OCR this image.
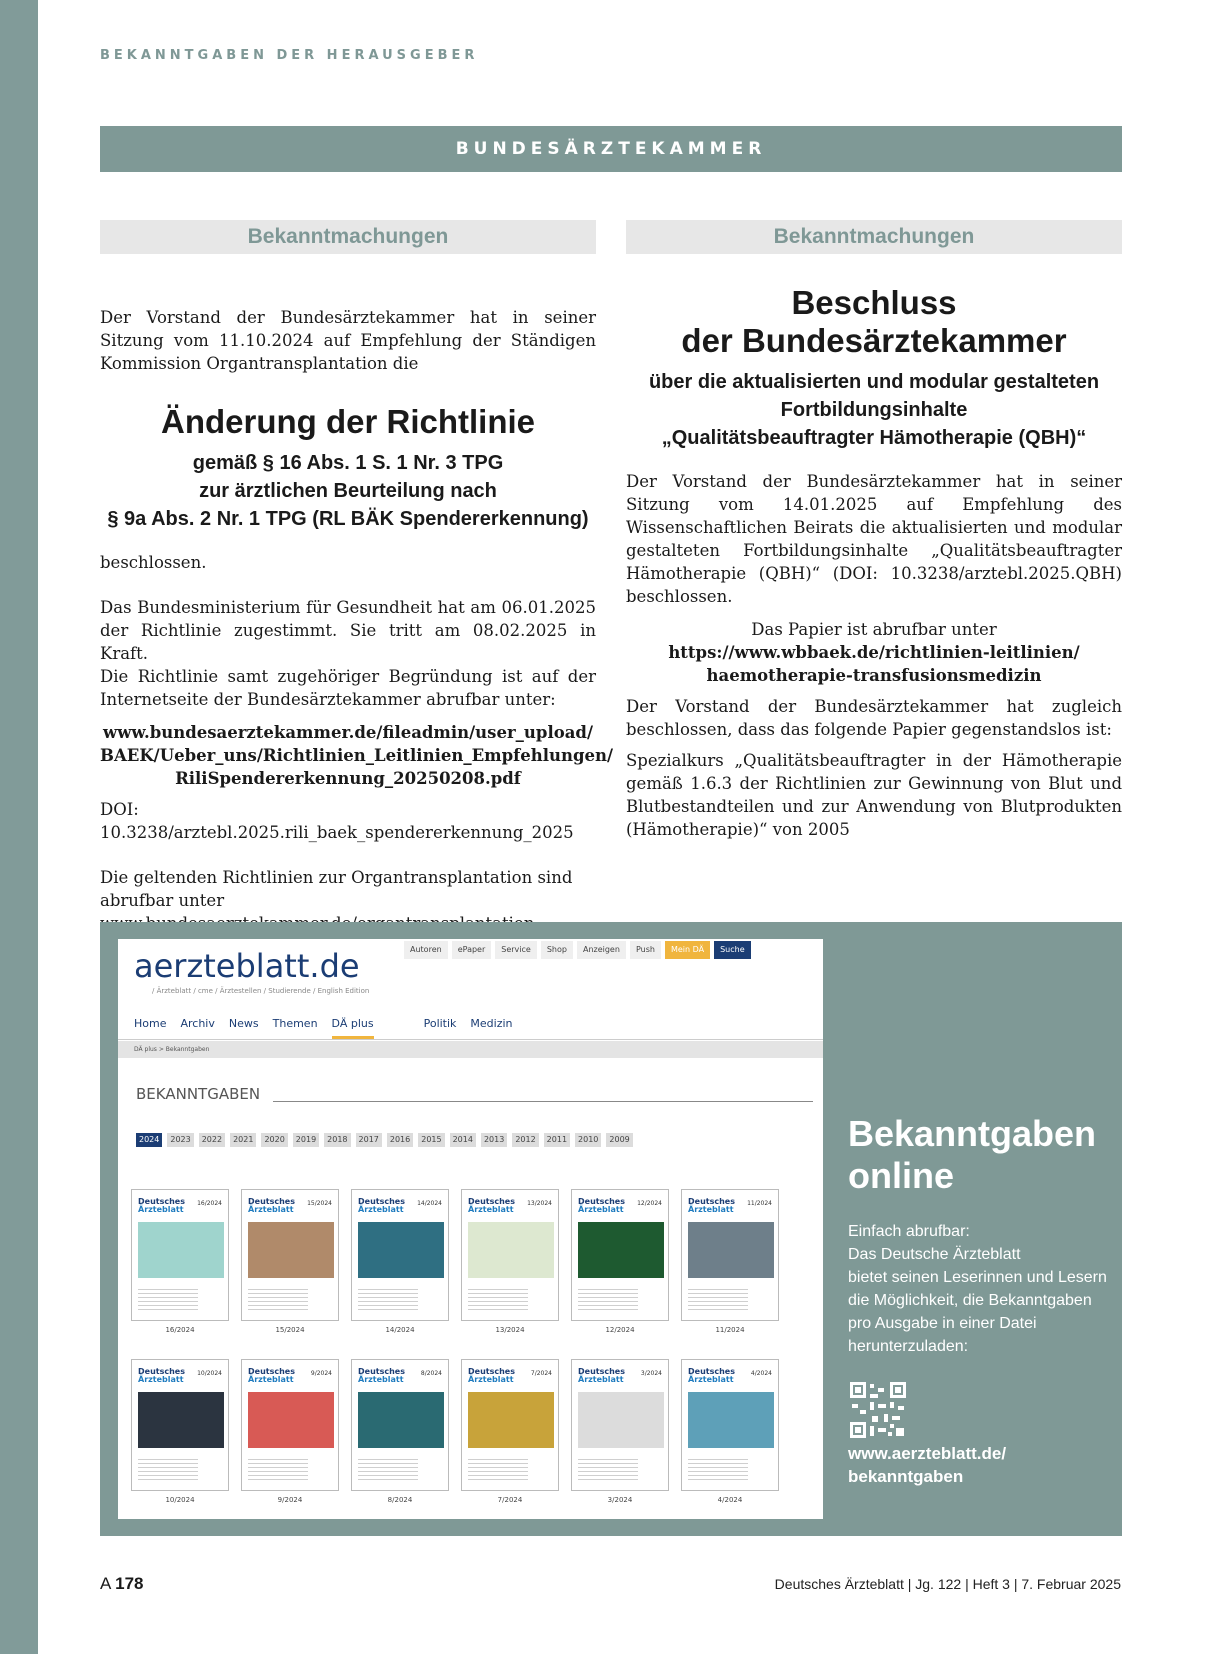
BEKANNTGABEN DER HERAUSGEBER
BUNDESÄRZTEKAMMER
Bekanntmachungen
Der Vorstand der Bundesärztekammer hat in seiner Sitzung vom 11.10.2024 auf Empfehlung der Ständigen Kommission Organtransplantation die
Änderung der Richtlinie
gemäß § 16 Abs. 1 S. 1 Nr. 3 TPG
zur ärztlichen Beurteilung nach
§ 9a Abs. 2 Nr. 1 TPG (RL BÄK Spendererkennung)
beschlossen.
Das Bundesministerium für Gesundheit hat am 06.01.2025 der Richtlinie zugestimmt. Sie tritt am 08.02.2025 in Kraft.
Die Richtlinie samt zugehöriger Begründung ist auf der Internetseite der Bundesärztekammer abrufbar unter:
www.bundesaerztekammer.de/fileadmin/user_upload/
BAEK/Ueber_uns/Richtlinien_Leitlinien_Empfehlungen/
RiliSpendererkennung_20250208.pdf
DOI: 10.3238/arztebl.2025.rili_baek_spendererkennung_2025
Die geltenden Richtlinien zur Organtransplantation sind abrufbar unter
Bekanntmachungen
Beschluss
der Bundesärztekammer
über die aktualisierten und modular gestalteten
Fortbildungsinhalte
„Qualitätsbeauftragter Hämotherapie (QBH)“
Der Vorstand der Bundesärztekammer hat in seiner Sitzung vom 14.01.2025 auf Empfehlung des Wissenschaftlichen Beirats die aktualisierten und modular gestalteten Fortbildungsinhalte „Qualitätsbeauftragter Hämotherapie (QBH)“ (DOI: 10.3238/arztebl.2025.QBH) beschlossen.
Das Papier ist abrufbar unter
https://www.wbbaek.de/richtlinien-leitlinien/
haemotherapie-transfusionsmedizin
Der Vorstand der Bundesärztekammer hat zugleich beschlossen, dass das folgende Papier gegenstandslos ist:
Spezialkurs „Qualitätsbeauftragter in der Hämotherapie gemäß 1.6.3 der Richtlinien zur Gewinnung von Blut und Blutbestandteilen und zur Anwendung von Blutprodukten (Hämotherapie)“ von 2005
aerzteblatt.de
/ Ärzteblatt / cme / Ärztestellen / Studierende / English Edition
Autoren	ePaper	Service	Shop	Anzeigen	Push	Mein DÄ	Suche
Home Archiv News Themen DÄ plus	Politik Medizin
DÄ plus > Bekanntgaben
BEKANNTGABEN
2024	2023	2022	2021	2020	2019	2018	2017	2016	2015	2014	2013	2012	2011	2010	2009
Deutsches
Ärzteblatt
16/2024
16/2024
Deutsches
Ärzteblatt
15/2024
15/2024
Deutsches
Ärzteblatt
14/2024
14/2024
Deutsches
Ärzteblatt
13/2024
13/2024
Deutsches
Ärzteblatt
12/2024
12/2024
Deutsches
Ärzteblatt
11/2024
11/2024
Deutsches
Ärzteblatt
10/2024
10/2024
Deutsches
Ärzteblatt
9/2024
9/2024
Deutsches
Ärzteblatt
8/2024
8/2024
Deutsches
Ärzteblatt
7/2024
7/2024
Deutsches
Ärzteblatt
3/2024
3/2024
Deutsches
Ärzteblatt
4/2024
4/2024
Bekanntgaben
online
Einfach abrufbar:
Das Deutsche Ärzteblatt
bietet seinen Leserinnen und Lesern
die Möglichkeit, die Bekanntgaben
pro Ausgabe in einer Datei
herunterzuladen:
www.aerzteblatt.de/
bekanntgaben
A 178	Deutsches Ärzteblatt | Jg. 122 | Heft 3 | 7. Februar 2025
